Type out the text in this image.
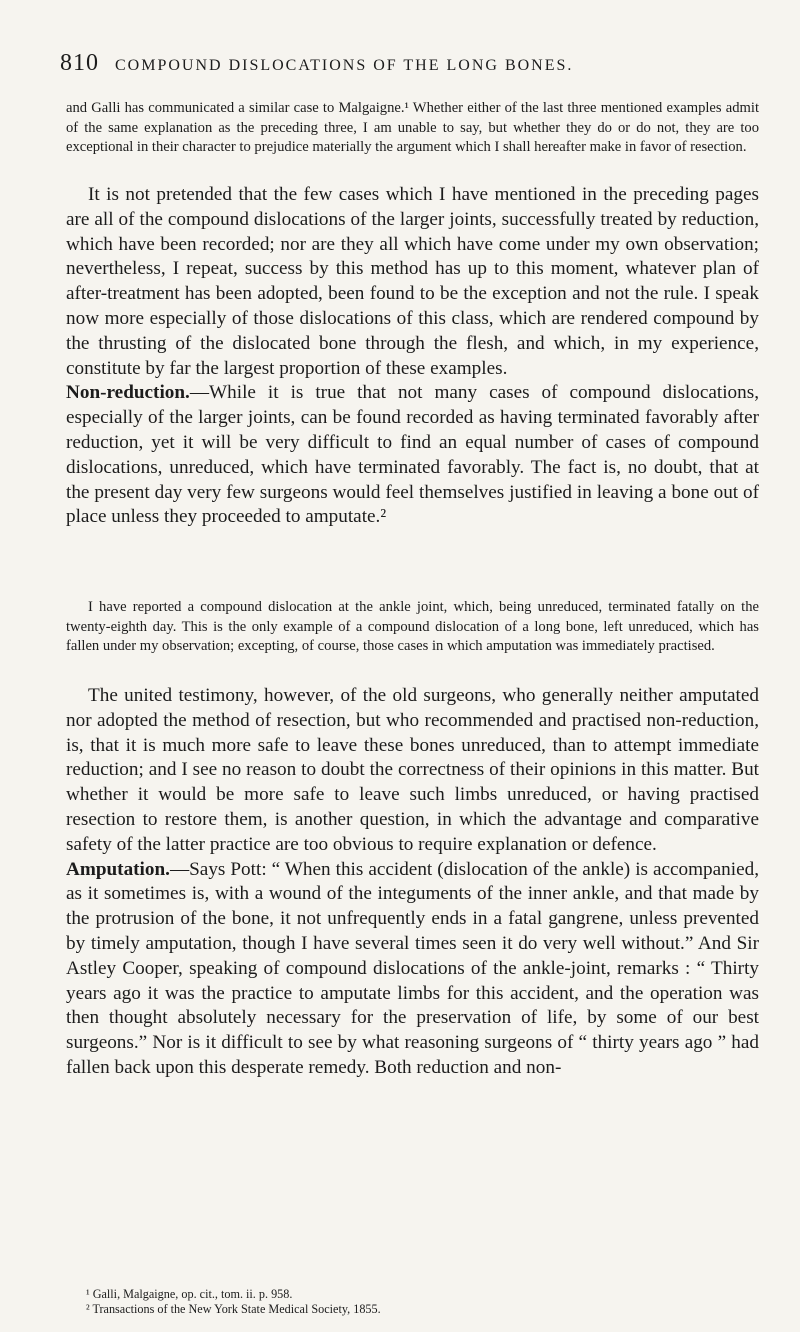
810 COMPOUND DISLOCATIONS OF THE LONG BONES.

and Galli has communicated a similar case to Malgaigne.¹ Whether either of the last three mentioned examples admit of the same explanation as the preceding three, I am unable to say, but whether they do or do not, they are too exceptional in their character to prejudice materially the argument which I shall hereafter make in favor of resection.

It is not pretended that the few cases which I have mentioned in the preceding pages are all of the compound dislocations of the larger joints, successfully treated by reduction, which have been recorded; nor are they all which have come under my own observation; nevertheless, I repeat, success by this method has up to this moment, whatever plan of after-treatment has been adopted, been found to be the exception and not the rule. I speak now more especially of those dislocations of this class, which are rendered compound by the thrusting of the dislocated bone through the flesh, and which, in my experience, constitute by far the largest proportion of these examples.

Non-reduction.—While it is true that not many cases of compound dislocations, especially of the larger joints, can be found recorded as having terminated favorably after reduction, yet it will be very difficult to find an equal number of cases of compound dislocations, unreduced, which have terminated favorably. The fact is, no doubt, that at the present day very few surgeons would feel themselves justified in leaving a bone out of place unless they proceeded to amputate.²

I have reported a compound dislocation at the ankle joint, which, being unreduced, terminated fatally on the twenty-eighth day. This is the only example of a compound dislocation of a long bone, left unreduced, which has fallen under my observation; excepting, of course, those cases in which amputation was immediately practised.

The united testimony, however, of the old surgeons, who generally neither amputated nor adopted the method of resection, but who recommended and practised non-reduction, is, that it is much more safe to leave these bones unreduced, than to attempt immediate reduction; and I see no reason to doubt the correctness of their opinions in this matter. But whether it would be more safe to leave such limbs unreduced, or having practised resection to restore them, is another question, in which the advantage and comparative safety of the latter practice are too obvious to require explanation or defence.

Amputation.—Says Pott: “ When this accident (dislocation of the ankle) is accompanied, as it sometimes is, with a wound of the integuments of the inner ankle, and that made by the protrusion of the bone, it not unfrequently ends in a fatal gangrene, unless prevented by timely amputation, though I have several times seen it do very well without.” And Sir Astley Cooper, speaking of compound dislocations of the ankle-joint, remarks : “ Thirty years ago it was the practice to amputate limbs for this accident, and the operation was then thought absolutely necessary for the preservation of life, by some of our best surgeons.” Nor is it difficult to see by what reasoning surgeons of “ thirty years ago ” had fallen back upon this desperate remedy. Both reduction and non-

¹ Galli, Malgaigne, op. cit., tom. ii. p. 958.
² Transactions of the New York State Medical Society, 1855.
